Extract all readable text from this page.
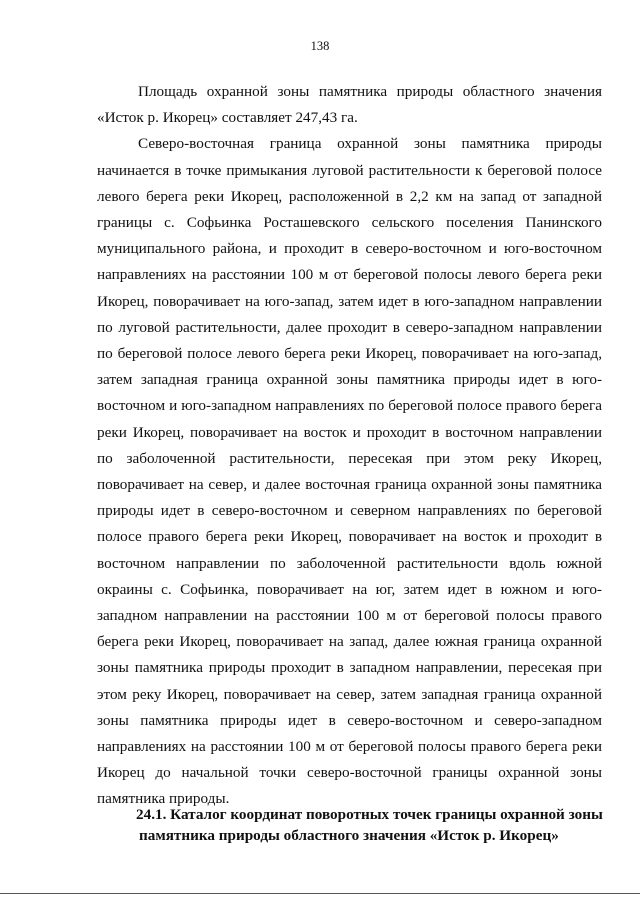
138

Площадь охранной зоны памятника природы областного значения «Исток р. Икорец» составляет 247,43 га.

Северо-восточная граница охранной зоны памятника природы начинается в точке примыкания луговой растительности к береговой полосе левого берега реки Икорец, расположенной в 2,2 км на запад от западной границы с. Софьинка Росташевского сельского поселения Панинского муниципального района, и проходит в северо-восточном и юго-восточном направлениях на расстоянии 100 м от береговой полосы левого берега реки Икорец, поворачивает на юго-запад, затем идет в юго-западном направлении по луговой растительности, далее проходит в северо-западном направлении по береговой полосе левого берега реки Икорец, поворачивает на юго-запад, затем западная граница охранной зоны памятника природы идет в юго-восточном и юго-западном направлениях по береговой полосе правого берега реки Икорец, поворачивает на восток и проходит в восточном направлении по заболоченной растительности, пересекая при этом реку Икорец, поворачивает на север, и далее восточная граница охранной зоны памятника природы идет в северо-восточном и северном направлениях по береговой полосе правого берега реки Икорец, поворачивает на восток и проходит в восточном направлении по заболоченной растительности вдоль южной окраины с. Софьинка, поворачивает на юг, затем идет в южном и юго-западном направлении на расстоянии 100 м от береговой полосы правого берега реки Икорец, поворачивает на запад, далее южная граница охранной зоны памятника природы проходит в западном направлении, пересекая при этом реку Икорец, поворачивает на север, затем западная граница охранной зоны памятника природы идет в северо-восточном и северо-западном направлениях на расстоянии 100 м от береговой полосы правого берега реки Икорец до начальной точки северо-восточной границы охранной зоны памятника природы.

24.1. Каталог координат поворотных точек границы охранной зоны
памятника природы областного значения «Исток р. Икорец»
